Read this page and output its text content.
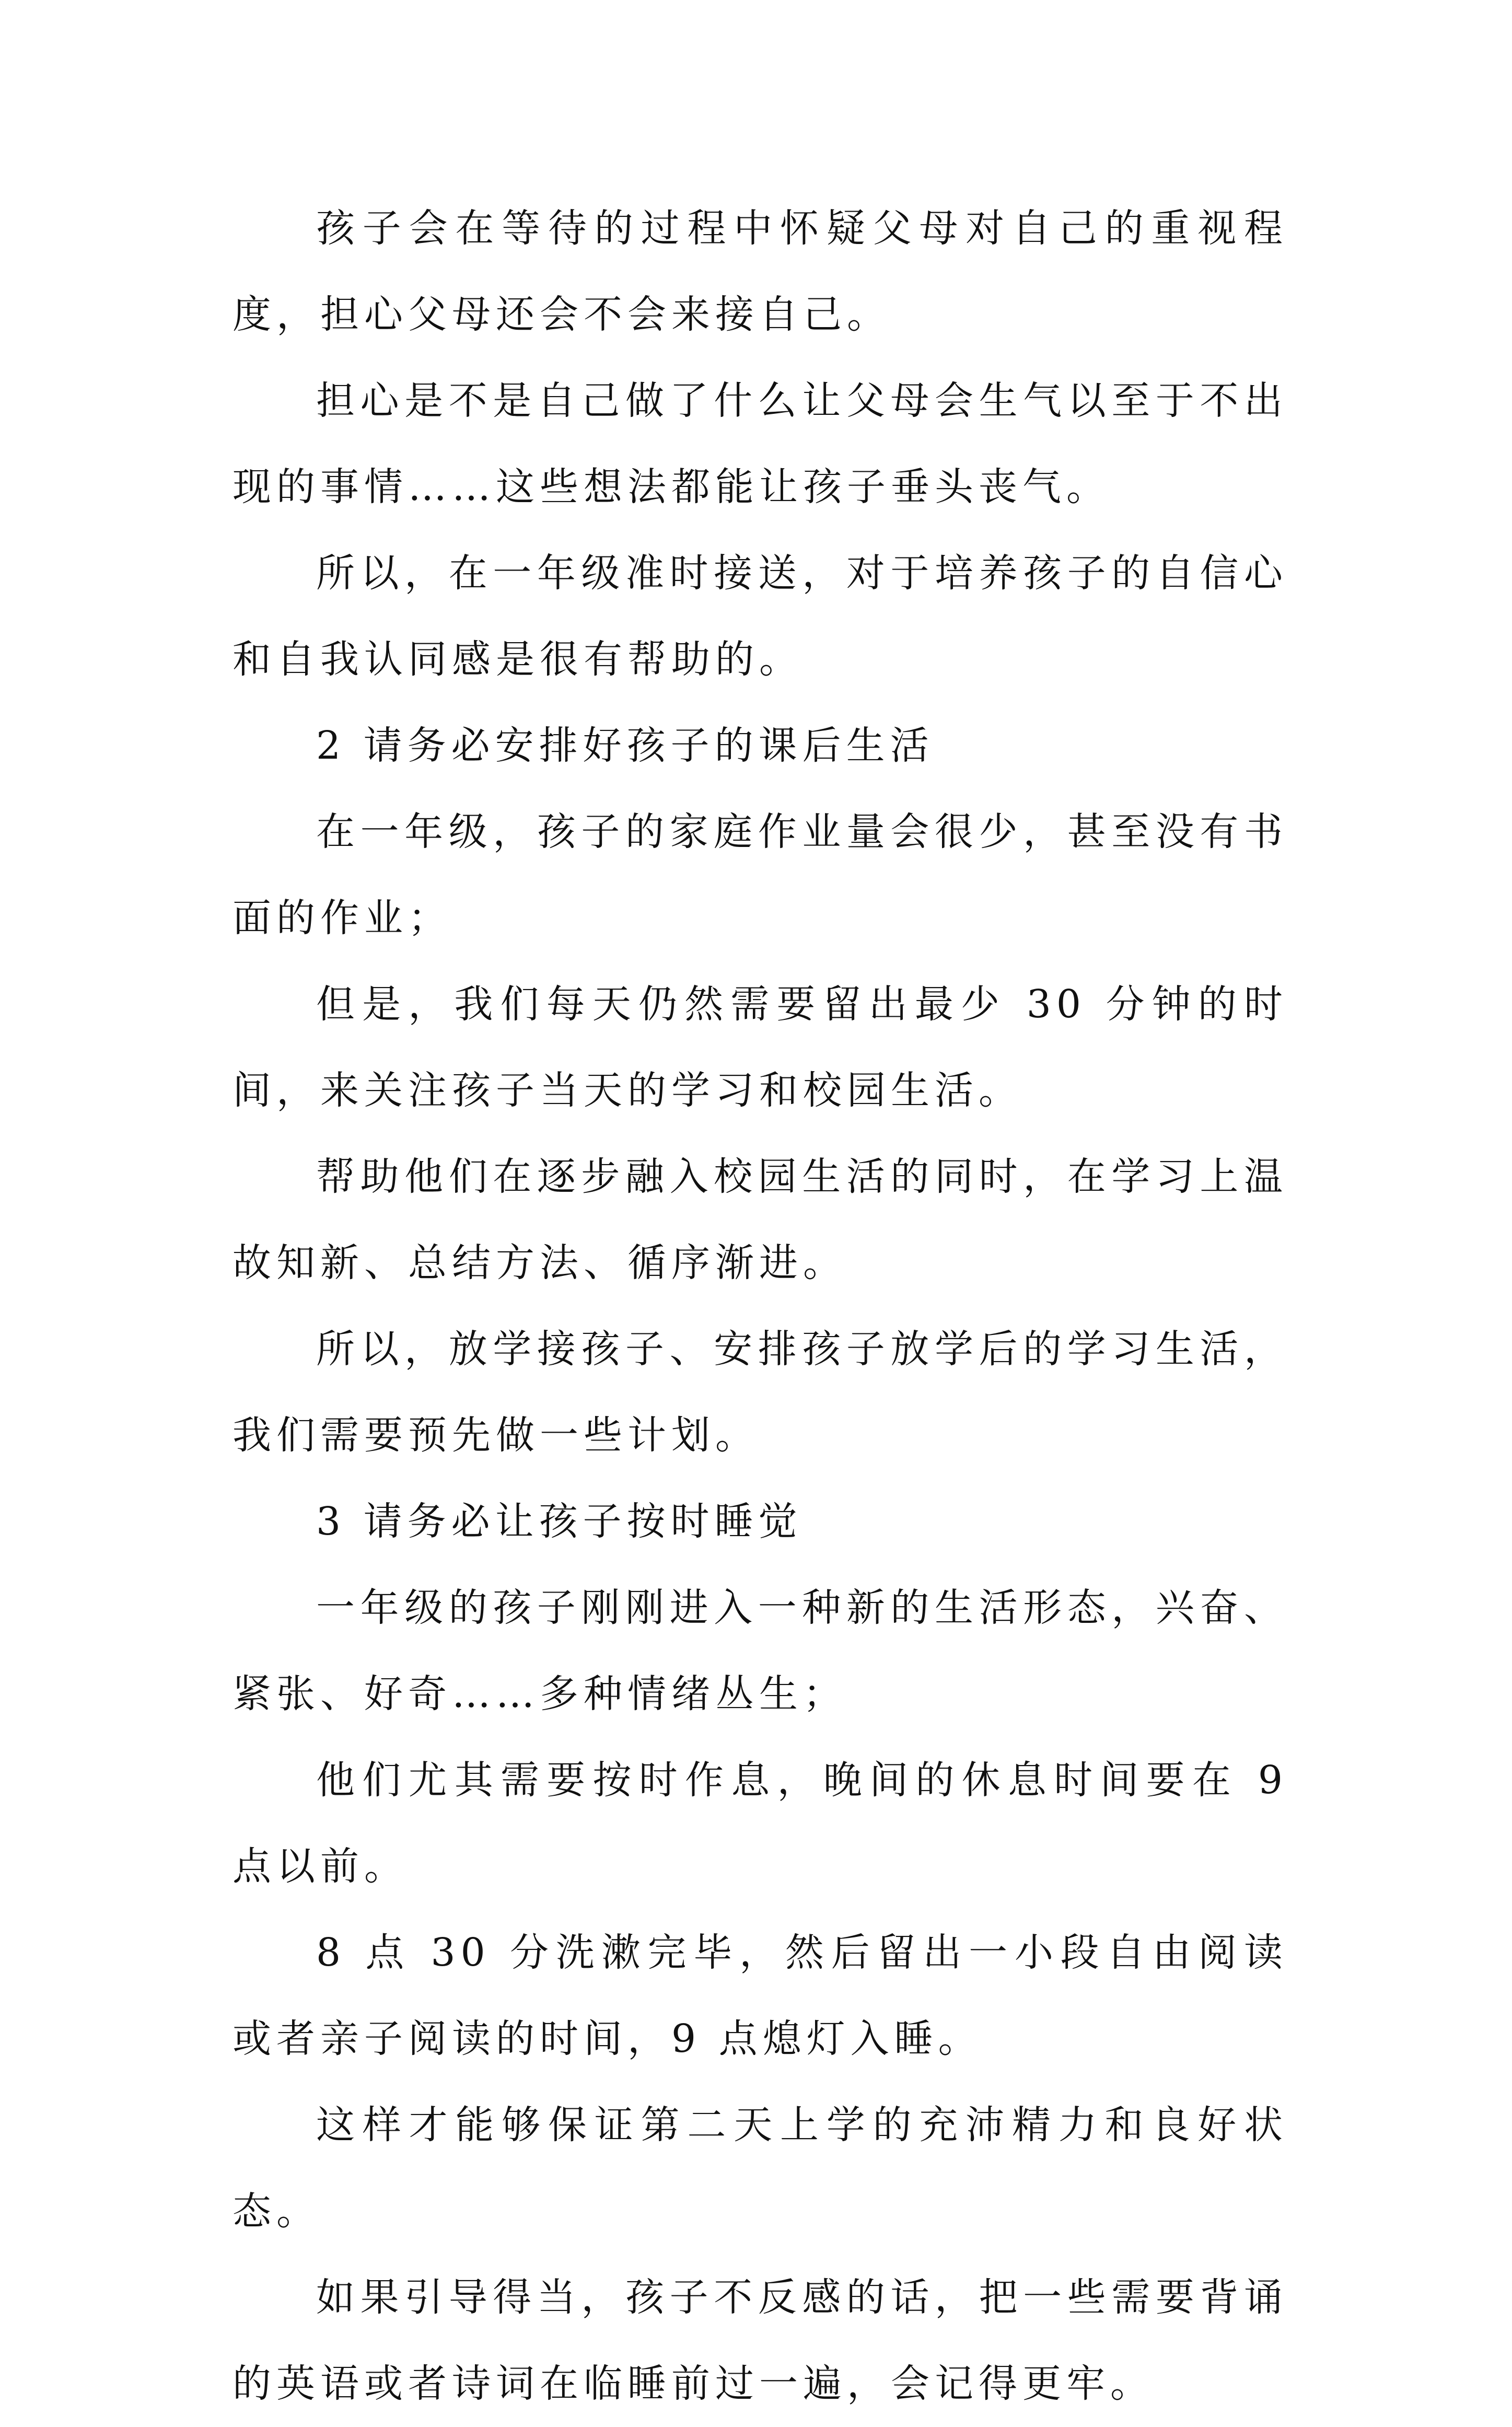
孩子会在等待的过程中怀疑父母对自己的重视程度，担心父母还会不会来接自己。

担心是不是自己做了什么让父母会生气以至于不出现的事情……这些想法都能让孩子垂头丧气。

所以，在一年级准时接送，对于培养孩子的自信心和自我认同感是很有帮助的。

2 请务必安排好孩子的课后生活

在一年级，孩子的家庭作业量会很少，甚至没有书面的作业；

但是，我们每天仍然需要留出最少 30 分钟的时间，来关注孩子当天的学习和校园生活。

帮助他们在逐步融入校园生活的同时，在学习上温故知新、总结方法、循序渐进。

所以，放学接孩子、安排孩子放学后的学习生活，我们需要预先做一些计划。

3 请务必让孩子按时睡觉

一年级的孩子刚刚进入一种新的生活形态，兴奋、紧张、好奇……多种情绪丛生；

他们尤其需要按时作息，晚间的休息时间要在 9 点以前。

8 点 30 分洗漱完毕，然后留出一小段自由阅读或者亲子阅读的时间，9 点熄灯入睡。

这样才能够保证第二天上学的充沛精力和良好状态。

如果引导得当，孩子不反感的话，把一些需要背诵的英语或者诗词在临睡前过一遍，会记得更牢。
